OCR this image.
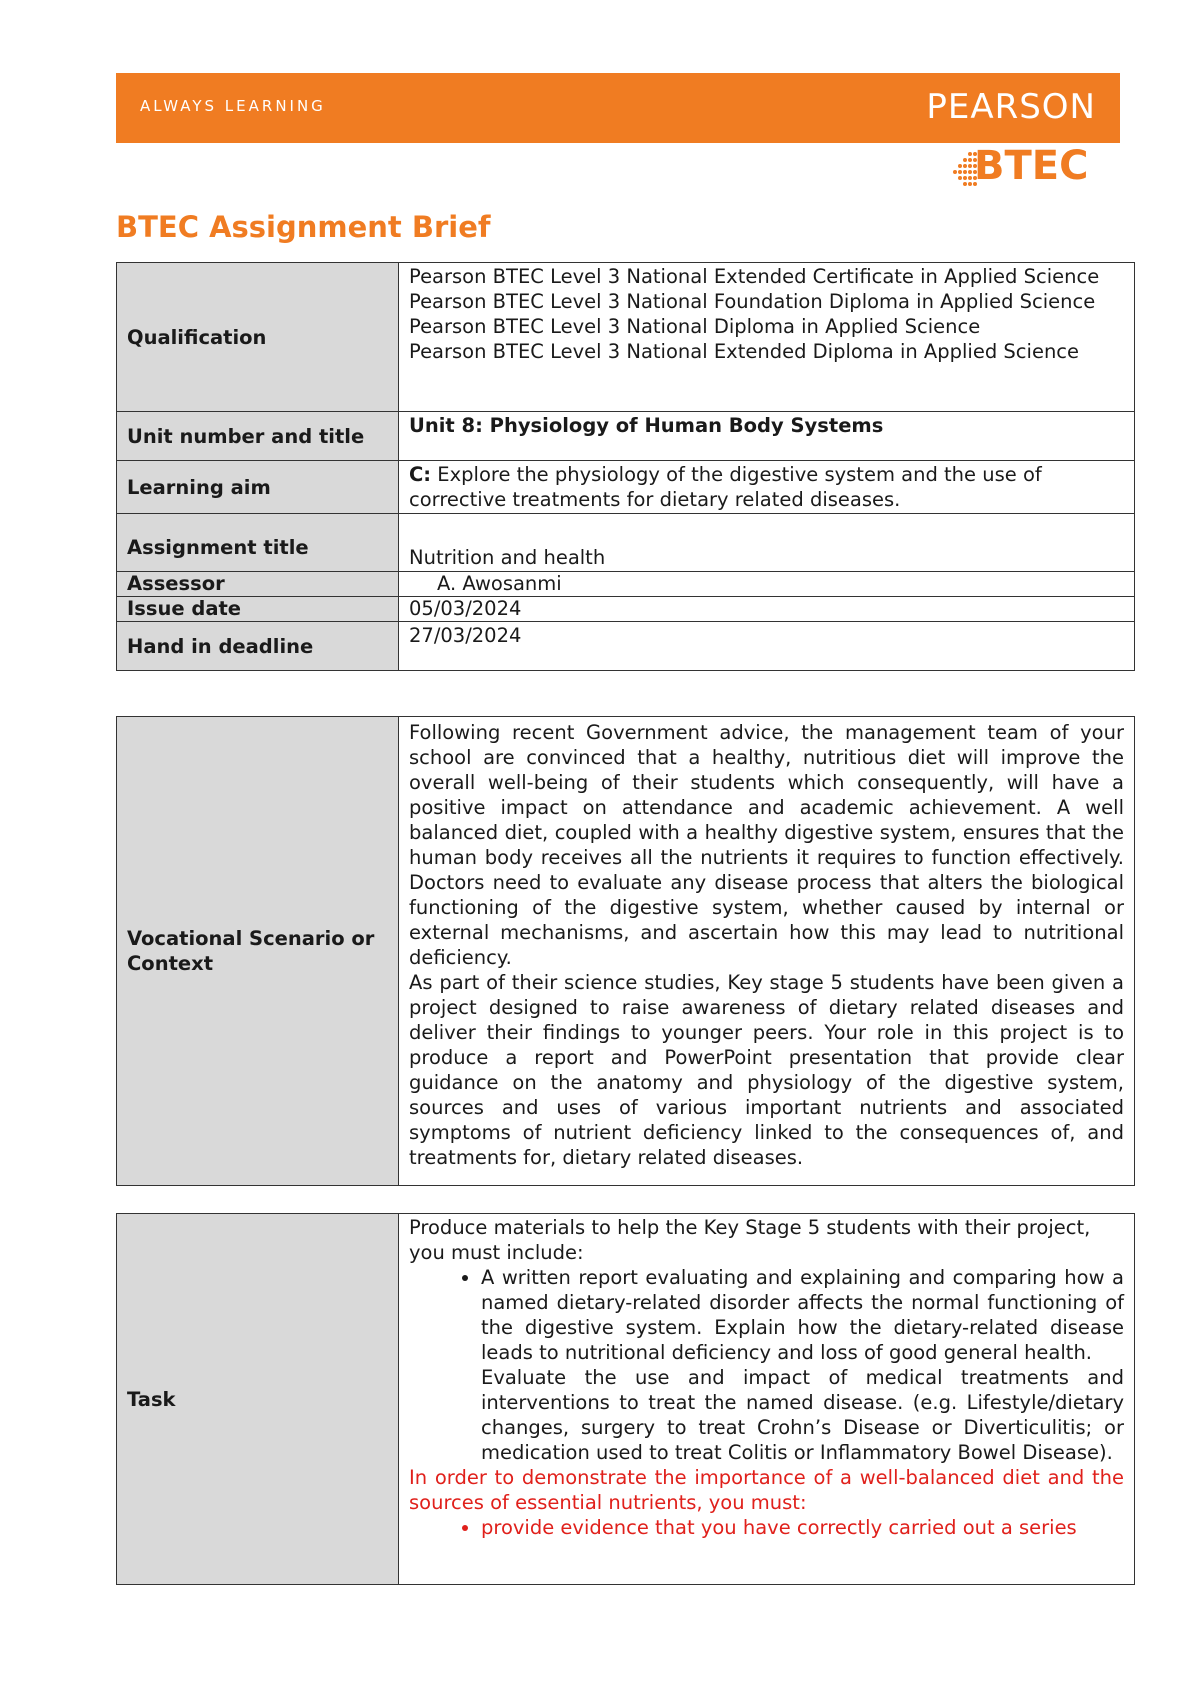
ALWAYS LEARNING	PEARSON
BTEC
BTEC Assignment Brief
Qualification	Pearson BTEC Level 3 National Extended Certificate in Applied Science
Pearson BTEC Level 3 National Foundation Diploma in Applied Science
Pearson BTEC Level 3 National Diploma in Applied Science
Pearson BTEC Level 3 National Extended Diploma in Applied Science

Unit number and title	Unit 8: Physiology of Human Body Systems
Learning aim	C: Explore the physiology of the digestive system and the use of corrective treatments for dietary related diseases.
Assignment title	Nutrition and health
Assessor	A. Awosanmi
Issue date	05/03/2024
Hand in deadline	27/03/2024
Vocational Scenario or Context	
Following recent Government advice, the management team of your school are convinced that a healthy, nutritious diet will improve the overall well-being of their students which consequently, will have a positive impact on attendance and academic achievement. A well balanced diet, coupled with a healthy digestive system, ensures that the human body receives all the nutrients it requires to function effectively. Doctors need to evaluate any disease process that alters the biological functioning of the digestive system, whether caused by internal or external mechanisms, and ascertain how this may lead to nutritional deficiency.
As part of their science studies, Key stage 5 students have been given a project designed to raise awareness of dietary related diseases and deliver their findings to younger peers. Your role in this project is to produce a report and PowerPoint presentation that provide clear guidance on the anatomy and physiology of the digestive system, sources and uses of various important nutrients and associated symptoms of nutrient deficiency linked to the consequences of, and treatments for, dietary related diseases.
Task	
Produce materials to help the Key Stage 5 students with their project, you must include:
• A written report evaluating and explaining and comparing how a named dietary-related disorder affects the normal functioning of the digestive system. Explain how the dietary-related disease leads to nutritional deficiency and loss of good general health.
Evaluate the use and impact of medical treatments and interventions to treat the named disease. (e.g. Lifestyle/dietary changes, surgery to treat Crohn’s Disease or Diverticulitis; or medication used to treat Colitis or Inflammatory Bowel Disease).
In order to demonstrate the importance of a well-balanced diet and the sources of essential nutrients, you must:
• provide evidence that you have correctly carried out a series
